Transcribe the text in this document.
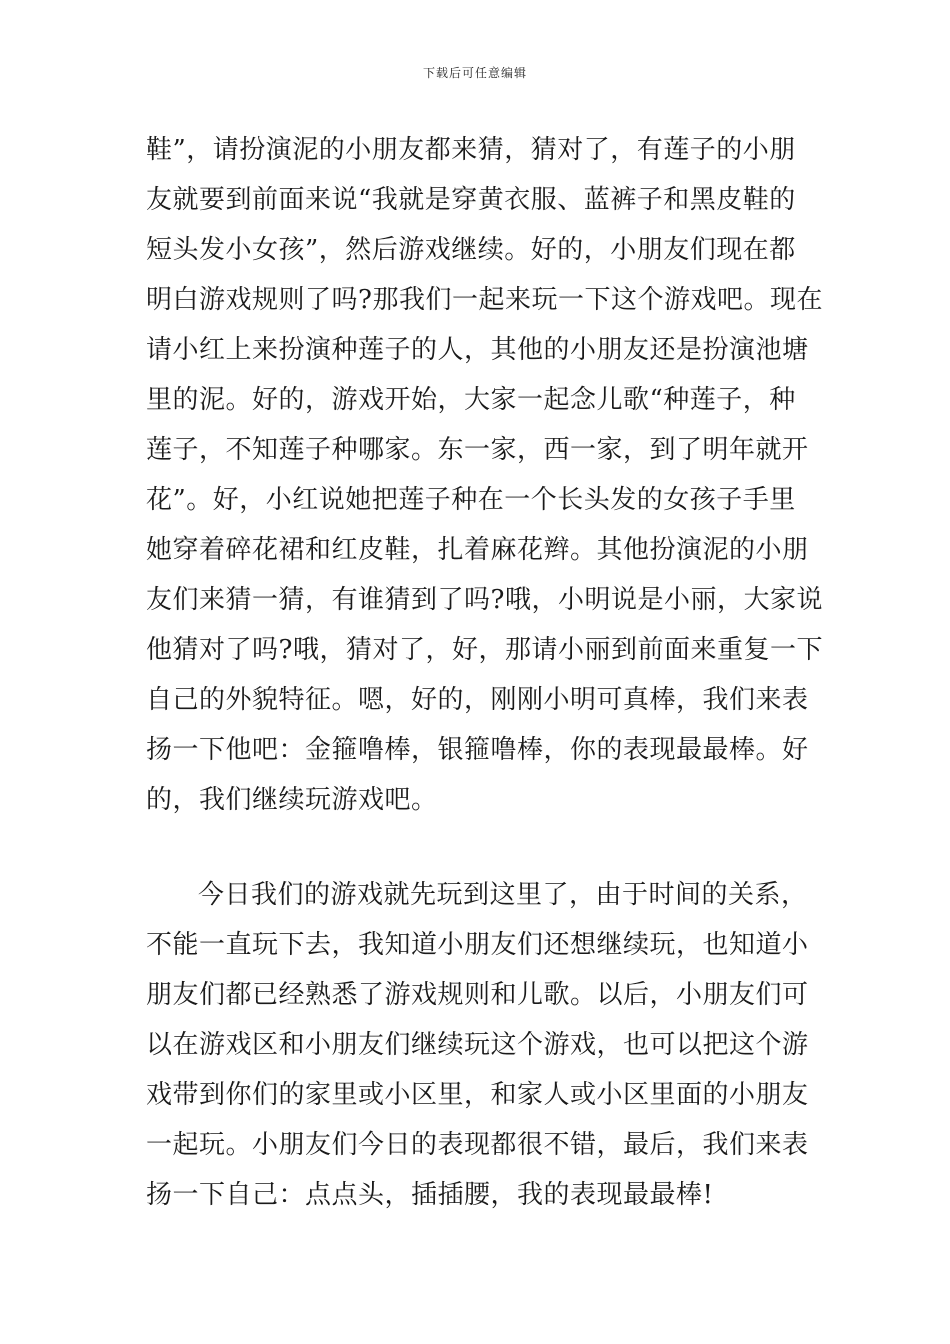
下载后可任意编辑
鞋”，请扮演泥的小朋友都来猜，猜对了，有莲子的小朋
友就要到前面来说“我就是穿黄衣服、蓝裤子和黑皮鞋的
短头发小女孩”，然后游戏继续。好的，小朋友们现在都
明白游戏规则了吗?那我们一起来玩一下这个游戏吧。现在
请小红上来扮演种莲子的人，其他的小朋友还是扮演池塘
里的泥。好的，游戏开始，大家一起念儿歌“种莲子，种
莲子，不知莲子种哪家。东一家，西一家，到了明年就开
花”。好，小红说她把莲子种在一个长头发的女孩子手里
她穿着碎花裙和红皮鞋，扎着麻花辫。其他扮演泥的小朋
友们来猜一猜，有谁猜到了吗?哦，小明说是小丽，大家说
他猜对了吗?哦，猜对了，好，那请小丽到前面来重复一下
自己的外貌特征。嗯，好的，刚刚小明可真棒，我们来表
扬一下他吧：金箍噜棒，银箍噜棒，你的表现最最棒。好
的，我们继续玩游戏吧。
今日我们的游戏就先玩到这里了，由于时间的关系，
不能一直玩下去，我知道小朋友们还想继续玩，也知道小
朋友们都已经熟悉了游戏规则和儿歌。以后，小朋友们可
以在游戏区和小朋友们继续玩这个游戏，也可以把这个游
戏带到你们的家里或小区里，和家人或小区里面的小朋友
一起玩。小朋友们今日的表现都很不错，最后，我们来表
扬一下自己：点点头，插插腰，我的表现最最棒!
